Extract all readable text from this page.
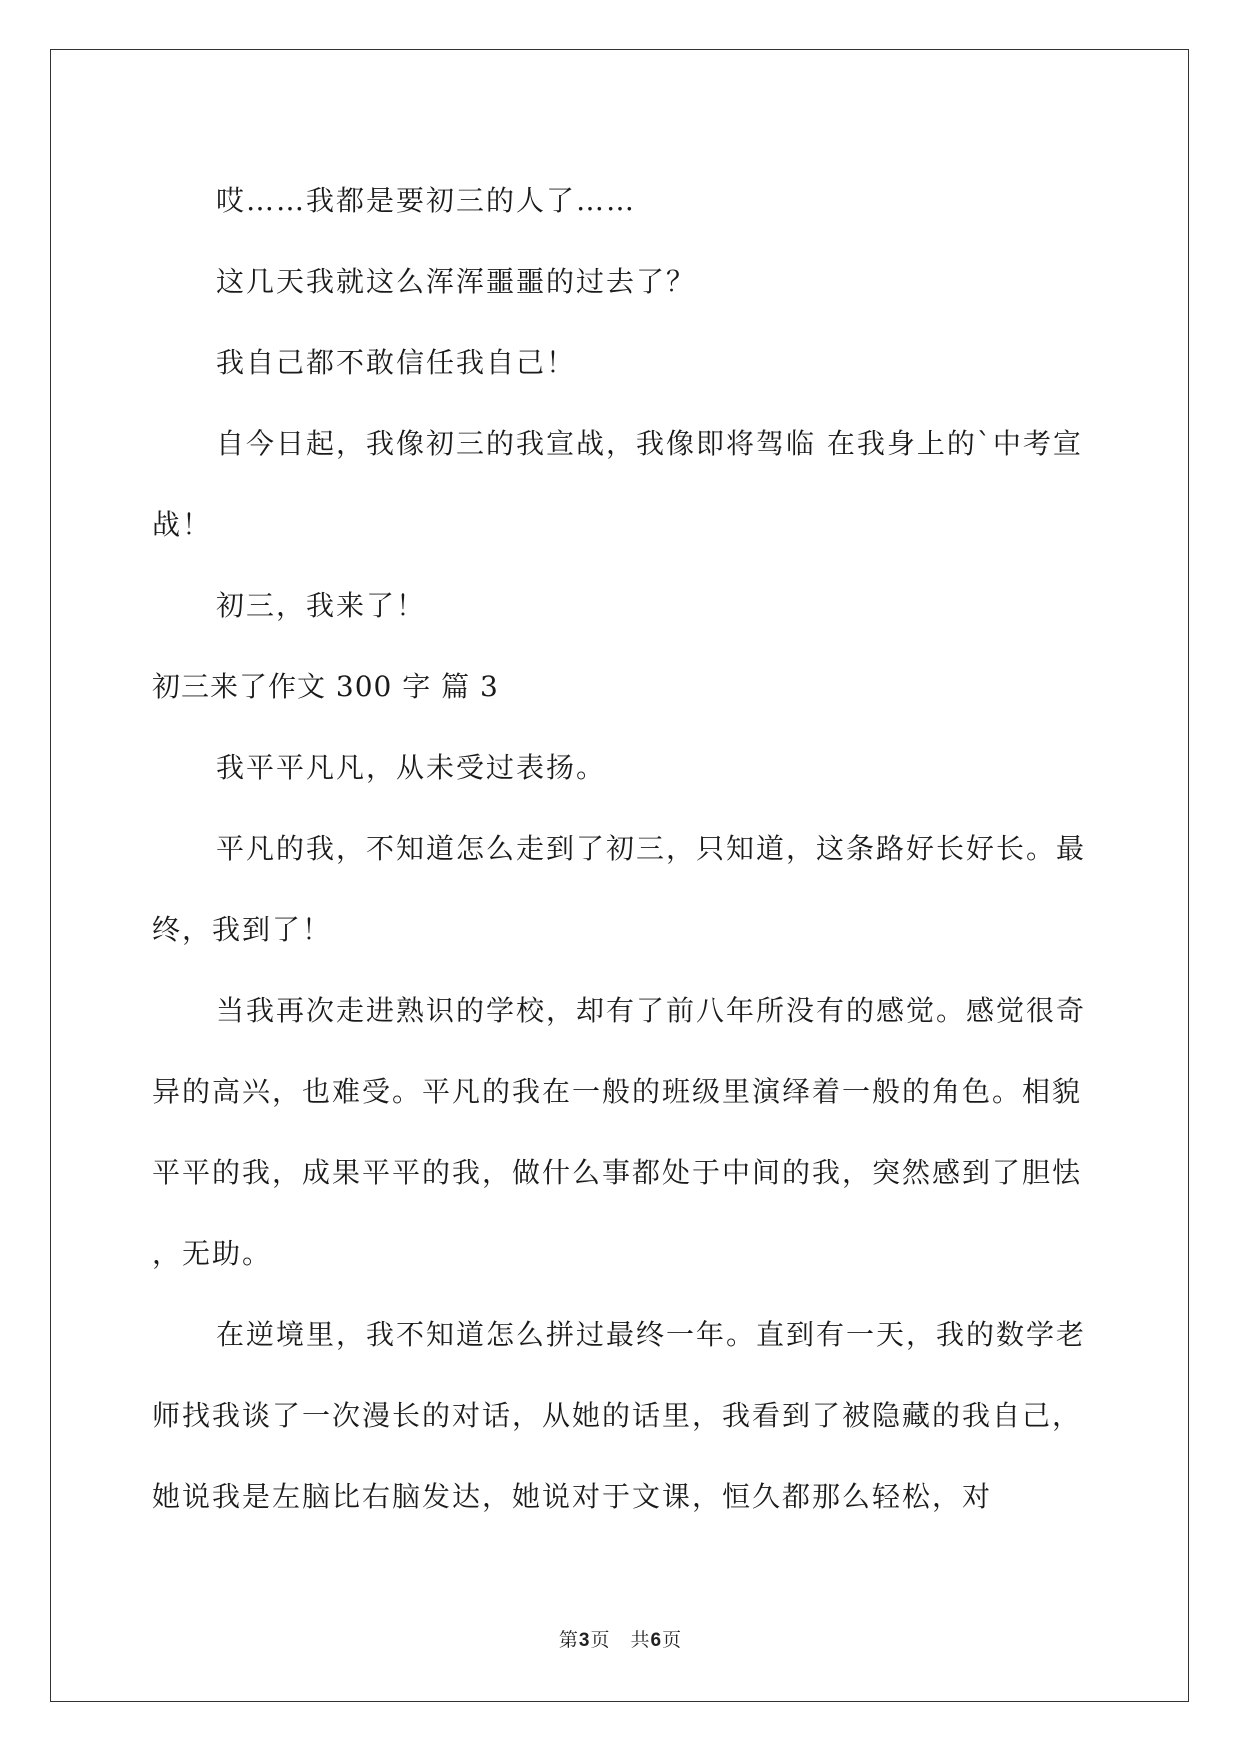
哎……我都是要初三的人了……

这几天我就这么浑浑噩噩的过去了？

我自己都不敢信任我自己！

自今日起，我像初三的我宣战，我像即将驾临 在我身上的`中考宣战！

初三，我来了！

初三来了作文 300 字 篇 3

我平平凡凡，从未受过表扬。

平凡的我，不知道怎么走到了初三，只知道，这条路好长好长。最终，我到了！

当我再次走进熟识的学校，却有了前八年所没有的感觉。感觉很奇异的高兴，也难受。平凡的我在一般的班级里演绎着一般的角色。相貌平平的我，成果平平的我，做什么事都处于中间的我，突然感到了胆怯　 ，无助。

在逆境里，我不知道怎么拼过最终一年。直到有一天，我的数学老师找我谈了一次漫长的对话，从她的话里，我看到了被隐藏的我自己，她说我是左脑比右脑发达，她说对于文课，恒久都那么轻松，对

第3页　共6页
